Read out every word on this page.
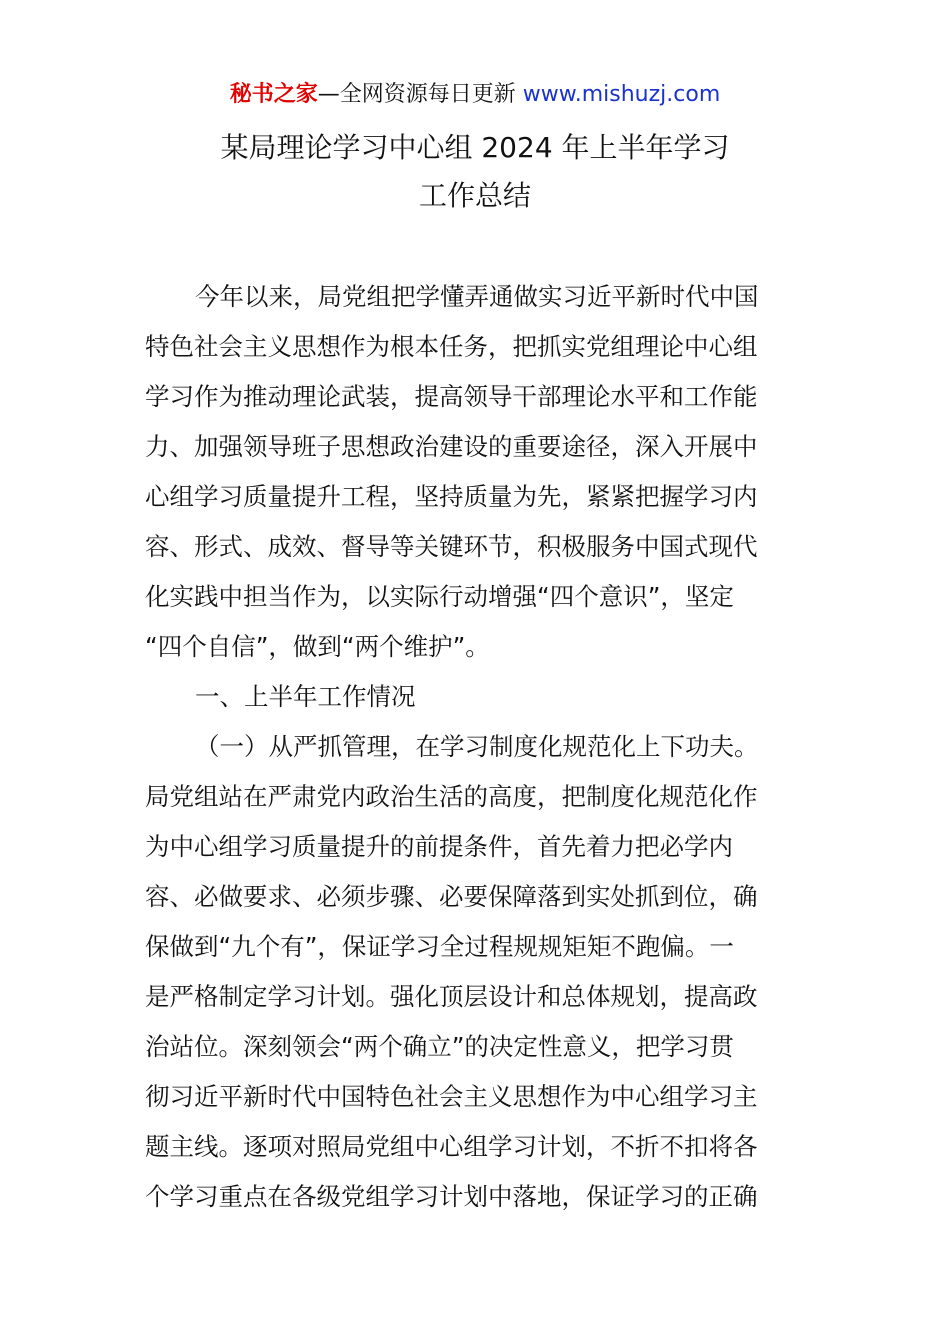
秘书之家—全网资源每日更新 www.mishuzj.com
某局理论学习中心组 2024 年上半年学习
工作总结
今年以来，局党组把学懂弄通做实习近平新时代中国
特色社会主义思想作为根本任务，把抓实党组理论中心组
学习作为推动理论武装，提高领导干部理论水平和工作能
力、加强领导班子思想政治建设的重要途径，深入开展中
心组学习质量提升工程，坚持质量为先，紧紧把握学习内
容、形式、成效、督导等关键环节，积极服务中国式现代
化实践中担当作为，以实际行动增强“四个意识”，坚定
“四个自信”，做到“两个维护”。
一、上半年工作情况
（一）从严抓管理，在学习制度化规范化上下功夫。
局党组站在严肃党内政治生活的高度，把制度化规范化作
为中心组学习质量提升的前提条件，首先着力把必学内
容、必做要求、必须步骤、必要保障落到实处抓到位，确
保做到“九个有”，保证学习全过程规规矩矩不跑偏。一
是严格制定学习计划。强化顶层设计和总体规划，提高政
治站位。深刻领会“两个确立”的决定性意义，把学习贯
彻习近平新时代中国特色社会主义思想作为中心组学习主
题主线。逐项对照局党组中心组学习计划，不折不扣将各
个学习重点在各级党组学习计划中落地，保证学习的正确
